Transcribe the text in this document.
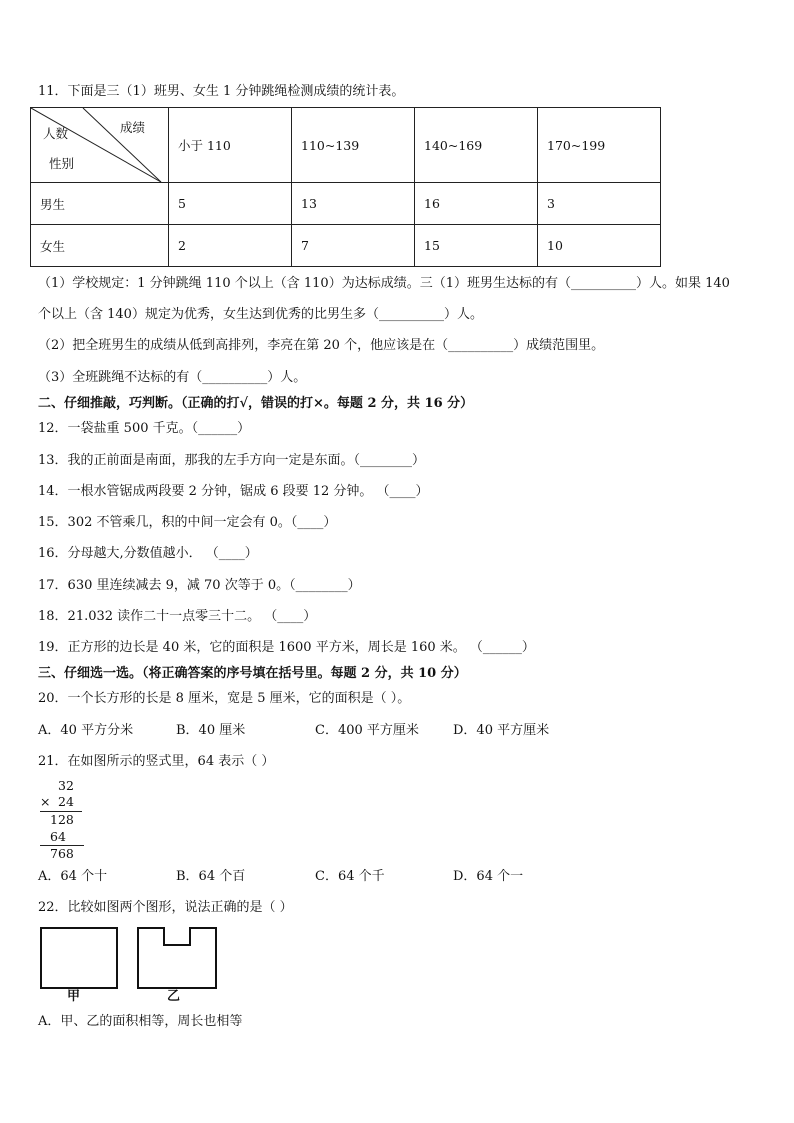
11．下面是三（1）班男、女生 1 分钟跳绳检测成绩的统计表。
成绩
人数
性别	小于 110	110~139	140~169	170~199
男生	5	13	16	3
女生	2	7	15	10
（1）学校规定：1 分钟跳绳 110 个以上（含 110）为达标成绩。三（1）班男生达标的有（__________）人。如果 140
个以上（含 140）规定为优秀，女生达到优秀的比男生多（__________）人。
（2）把全班男生的成绩从低到高排列，李亮在第 20 个，他应该是在（__________）成绩范围里。
（3）全班跳绳不达标的有（__________）人。
二、仔细推敲，巧判断。（正确的打√，错误的打×。每题 2 分，共 16 分）
12．一袋盐重 500 千克。（______）
13．我的正前面是南面，那我的左手方向一定是东面。（________）
14．一根水管锯成两段要 2 分钟，锯成 6 段要 12 分钟。 （____）
15．302 不管乘几，积的中间一定会有 0。（____）
16．分母越大,分数值越小． （____）
17．630 里连续减去 9，减 70 次等于 0。（________）
18．21.032 读作二十一点零三十二。 （____）
19．正方形的边长是 40 米，它的面积是 1600 平方米，周长是 160 米。 （______）
三、仔细选一选。（将正确答案的序号填在括号里。每题 2 分，共 10 分）
20．一个长方形的长是 8 厘米，宽是 5 厘米，它的面积是（ ）。
A．40 平方分米	B．40 厘米	C．400 平方厘米	D．40 平方厘米
21．在如图所示的竖式里，64 表示（ ）
32
× 24
128
64
768
A．64 个十	B．64 个百	C．64 个千	D．64 个一
22．比较如图两个图形，说法正确的是（ ）
甲	乙
A．甲、乙的面积相等，周长也相等
